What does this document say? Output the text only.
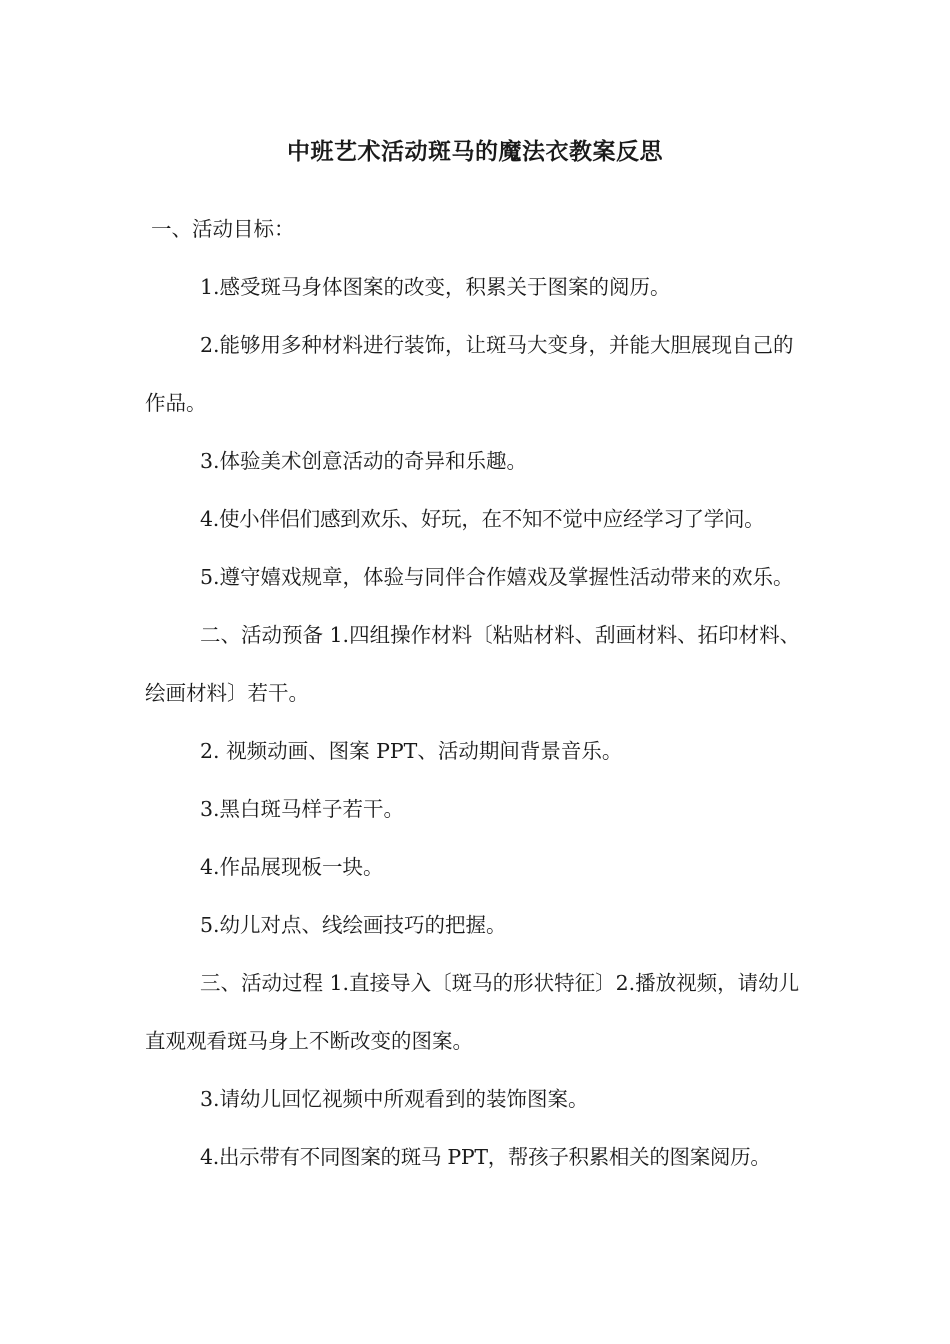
中班艺术活动斑马的魔法衣教案反思

一、活动目标：

1.感受斑马身体图案的改变，积累关于图案的阅历。

2.能够用多种材料进行装饰，让斑马大变身，并能大胆展现自己的作品。

3.体验美术创意活动的奇异和乐趣。

4.使小伴侣们感到欢乐、好玩，在不知不觉中应经学习了学问。

5.遵守嬉戏规章，体验与同伴合作嬉戏及掌握性活动带来的欢乐。

二、活动预备 1.四组操作材料〔粘贴材料、刮画材料、拓印材料、绘画材料〕若干。

2. 视频动画、图案 PPT、活动期间背景音乐。

3.黑白斑马样子若干。

4.作品展现板一块。

5.幼儿对点、线绘画技巧的把握。

三、活动过程 1.直接导入〔斑马的形状特征〕2.播放视频，请幼儿直观观看斑马身上不断改变的图案。

3.请幼儿回忆视频中所观看到的装饰图案。

4.出示带有不同图案的斑马 PPT，帮孩子积累相关的图案阅历。
